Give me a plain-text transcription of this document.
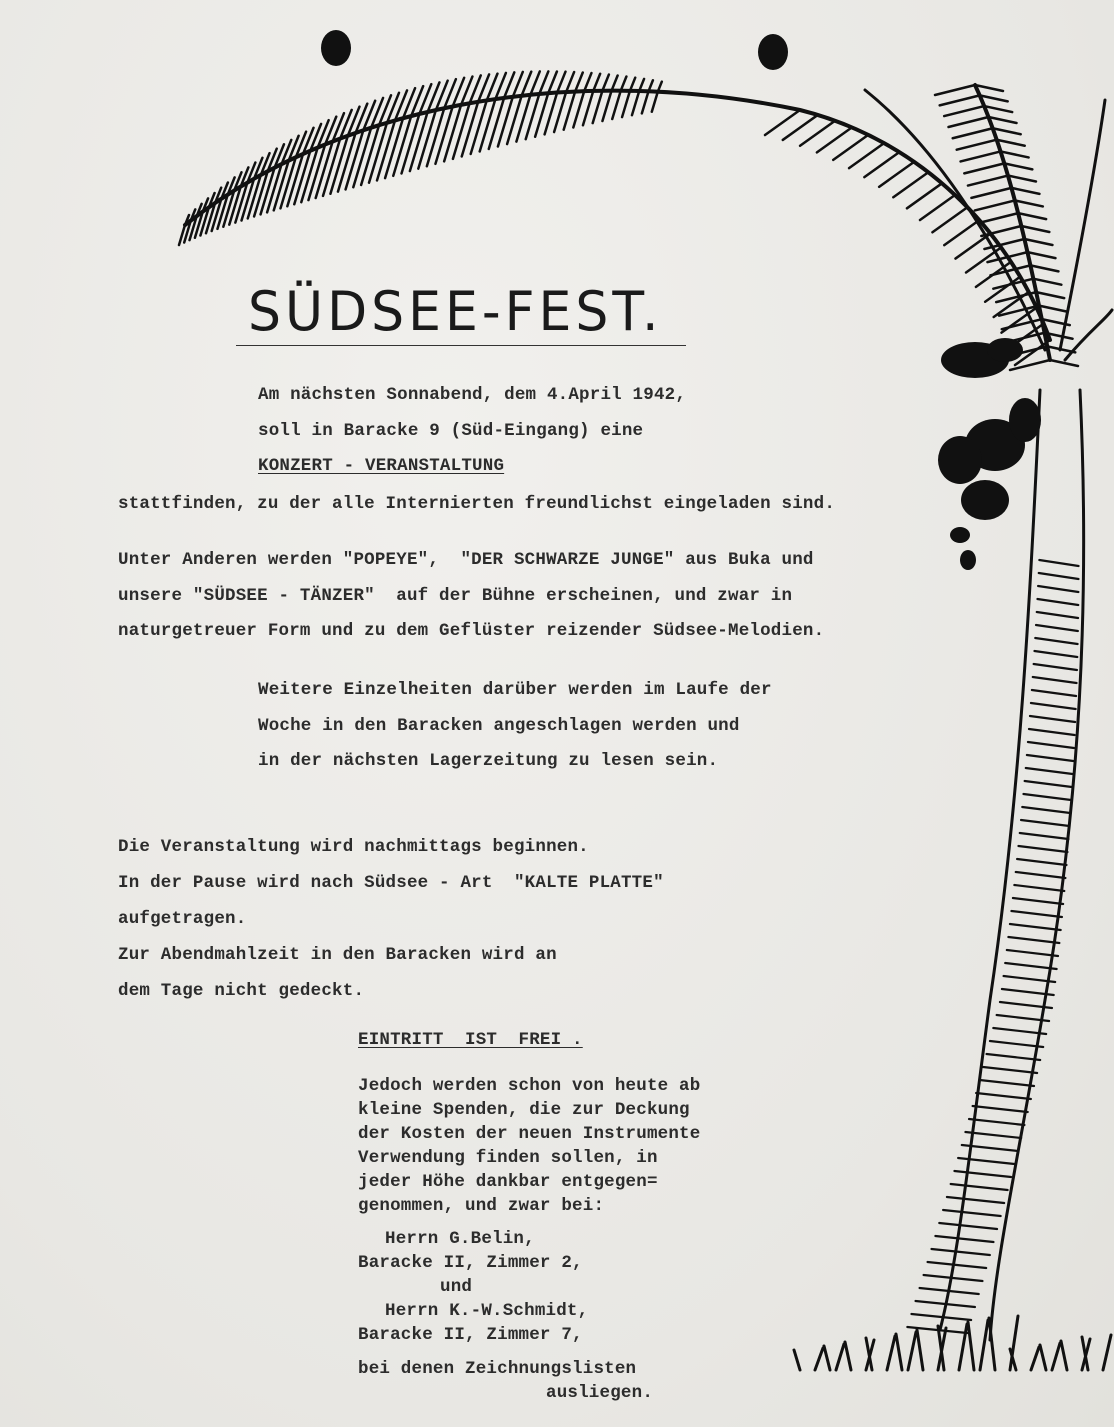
SÜDSEE-FEST.
Am nächsten Sonnabend, dem 4.April 1942,
soll in Baracke 9 (Süd-Eingang) eine
KONZERT - VERANSTALTUNG
stattfinden, zu der alle Internierten freundlichst eingeladen sind.
Unter Anderen werden "POPEYE",  "DER SCHWARZE JUNGE" aus Buka und
unsere "SÜDSEE - TÄNZER"  auf der Bühne erscheinen, und zwar in
naturgetreuer Form und zu dem Geflüster reizender Südsee-Melodien.
Weitere Einzelheiten darüber werden im Laufe der
Woche in den Baracken angeschlagen werden und
in der nächsten Lagerzeitung zu lesen sein.
Die Veranstaltung wird nachmittags beginnen.
In der Pause wird nach Südsee - Art  "KALTE PLATTE"
aufgetragen.
Zur Abendmahlzeit in den Baracken wird an
dem Tage nicht gedeckt.
EINTRITT  IST  FREI .
Jedoch werden schon von heute ab
kleine Spenden, die zur Deckung
der Kosten der neuen Instrumente
Verwendung finden sollen, in
jeder Höhe dankbar entgegen=
genommen, und zwar bei:
Herrn G.Belin,
Baracke II, Zimmer 2,
und
Herrn K.-W.Schmidt,
Baracke II, Zimmer 7,
bei denen Zeichnungslisten
ausliegen.
